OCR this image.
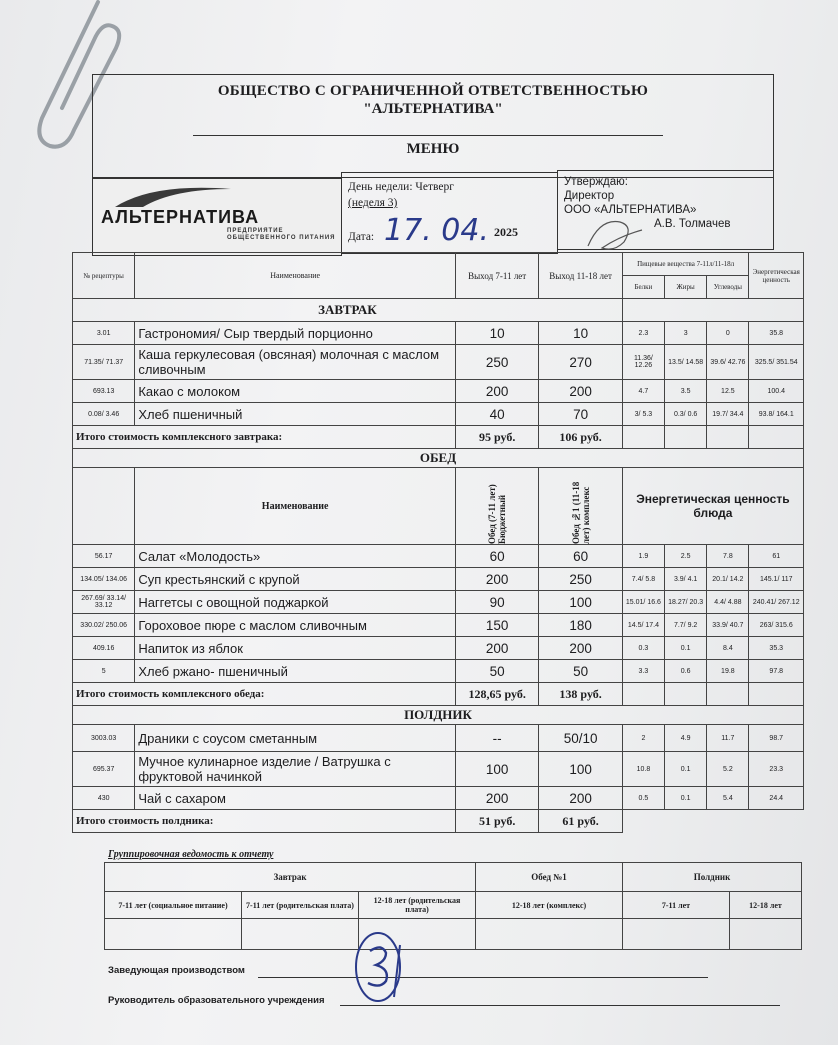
ОБЩЕСТВО С ОГРАНИЧЕННОЙ ОТВЕТСТВЕННОСТЬЮ
"АЛЬТЕРНАТИВА"
МЕНЮ
АЛЬТЕРНАТИВА
ПРЕДПРИЯТИЕ ОБЩЕСТВЕННОГО ПИТАНИЯ
День недели: Четверг
(неделя 3)
Дата: 17. 04. 2025
Утверждаю:
Директор
ООО «АЛЬТЕРНАТИВА»
А.В. Толмачев
№ рецептуры	Наименование	Выход 7-11 лет	Выход 11-18 лет	Пищевые вещества 7-11л/11-18л			Энергетическая ценность
				Белки	Жиры	Углеводы	
ЗАВТРАК							
3.01	Гастрономия/ Сыр твердый порционно	10	10	2.3	3	0	35.8
71.35/ 71.37	Каша геркулесовая (овсяная) молочная с маслом сливочным	250	270	11.36/ 12.26	13.5/ 14.58	39.6/ 42.76	325.5/ 351.54
693.13	Какао с молоком	200	200	4.7	3.5	12.5	100.4
0.08/ 3.46	Хлеб пшеничный	40	70	3/ 5.3	0.3/ 0.6	19.7/ 34.4	93.8/ 164.1
Итого стоимость комплексного завтрака:		95 руб.	106 руб.				
ОБЕД							
	Наименование	Обед (7-11 лет) Бюджетный	Обед №1 (11-18 лет) комплекс	Энергетическая ценность блюда			
56.17	Салат «Молодость»	60	60	1.9	2.5	7.8	61
134.05/ 134.06	Суп крестьянский с крупой	200	250	7.4/ 5.8	3.9/ 4.1	20.1/ 14.2	145.1/ 117
267.69/ 33.14/ 33.12	Наггетсы с овощной поджаркой	90	100	15.01/ 16.6	18.27/ 20.3	4.4/ 4.88	240.41/ 267.12
330.02/ 250.06	Гороховое пюре с маслом сливочным	150	180	14.5/ 17.4	7.7/ 9.2	33.9/ 40.7	263/ 315.6
409.16	Напиток из яблок	200	200	0.3	0.1	8.4	35.3
5	Хлеб ржано- пшеничный	50	50	3.3	0.6	19.8	97.8
Итого стоимость комплексного обеда:		128,65 руб.	138 руб.				
ПОЛДНИК							
3003.03	Драники с соусом сметанным	--	50/10	2	4.9	11.7	98.7
695.37	Мучное кулинарное изделие / Ватрушка с фруктовой начинкой	100	100	10.8	0.1	5.2	23.3
430	Чай с сахаром	200	200	0.5	0.1	5.4	24.4
Итого стоимость полдника:		51 руб.	61 руб.				
Группировочная ведомость к отчету
Завтрак			Обед №1	Полдник	
7-11 лет (социальное питание)	7-11 лет (родительская плата)	12-18 лет (родительская плата)	12-18 лет (комплекс)	7-11 лет	12-18 лет

Заведующая производством
Руководитель образовательного учреждения
